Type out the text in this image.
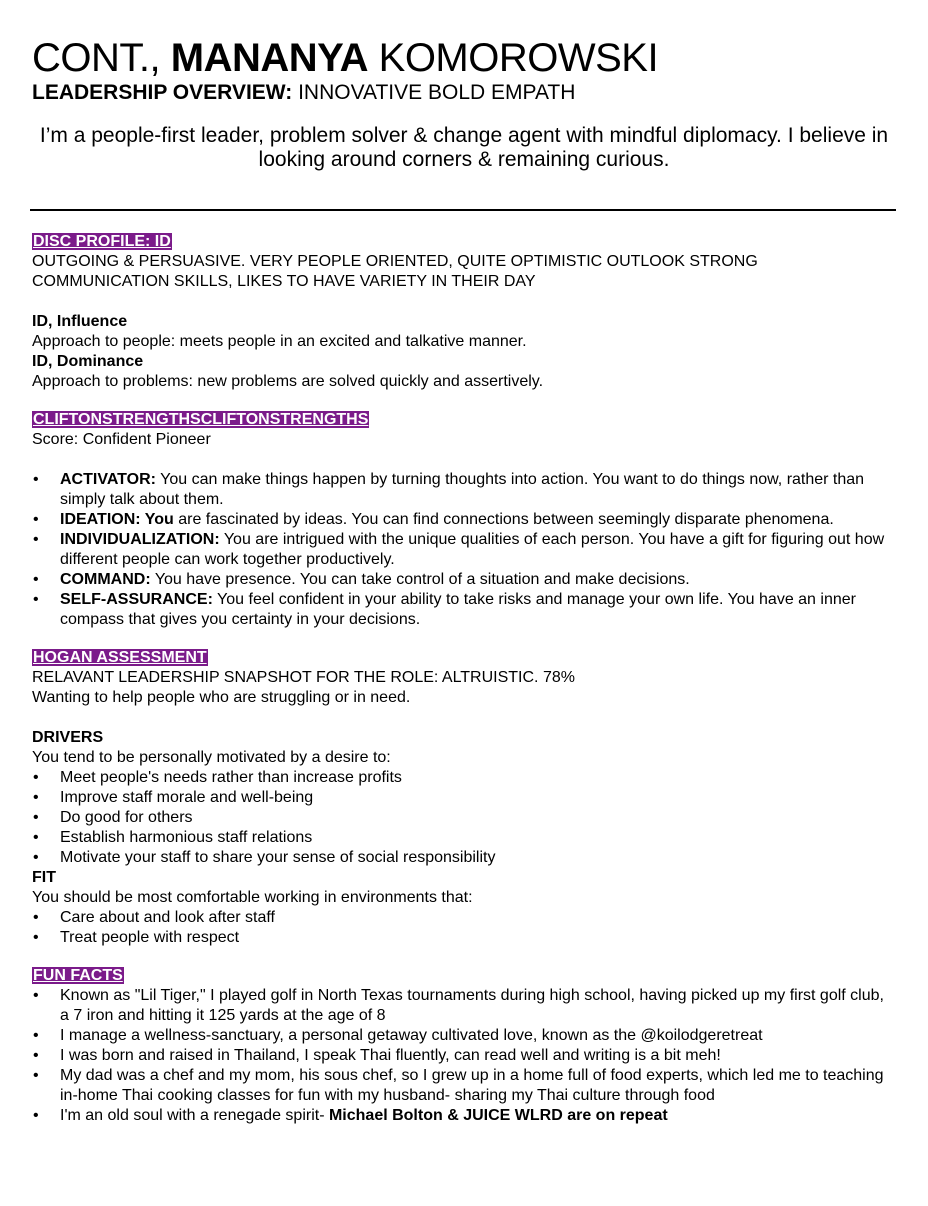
CONT., MANANYA KOMOROWSKI
LEADERSHIP OVERVIEW: INNOVATIVE BOLD EMPATH
I’m a people-first leader, problem solver & change agent with mindful diplomacy. I believe in looking around corners & remaining curious.

DISC PROFILE: ID

OUTGOING & PERSUASIVE. VERY PEOPLE ORIENTED, QUITE OPTIMISTIC OUTLOOK STRONG COMMUNICATION SKILLS, LIKES TO HAVE VARIETY IN THEIR DAY

ID, Influence

Approach to people: meets people in an excited and talkative manner.

ID, Dominance

Approach to problems: new problems are solved quickly and assertively.

CLIFTONSTRENGTHSCLIFTONSTRENGTHS

Score: Confident Pioneer

• ACTIVATOR: You can make things happen by turning thoughts into action. You want to do things now, rather than simply talk about them.
• IDEATION: You are fascinated by ideas. You can find connections between seemingly disparate phenomena.
• INDIVIDUALIZATION: You are intrigued with the unique qualities of each person. You have a gift for figuring out how different people can work together productively.
• COMMAND: You have presence. You can take control of a situation and make decisions.
• SELF-ASSURANCE: You feel confident in your ability to take risks and manage your own life. You have an inner compass that gives you certainty in your decisions.

HOGAN ASSESSMENT

RELAVANT LEADERSHIP SNAPSHOT FOR THE ROLE: ALTRUISTIC. 78%

Wanting to help people who are struggling or in need.

DRIVERS

You tend to be personally motivated by a desire to:

• Meet people's needs rather than increase profits
• Improve staff morale and well-being
• Do good for others
• Establish harmonious staff relations
• Motivate your staff to share your sense of social responsibility

FIT

You should be most comfortable working in environments that:

• Care about and look after staff
• Treat people with respect

FUN FACTS

• Known as "Lil Tiger," I played golf in North Texas tournaments during high school, having picked up my first golf club, a 7 iron and hitting it 125 yards at the age of 8
• I manage a wellness-sanctuary, a personal getaway cultivated love, known as the @koilodgeretreat
• I was born and raised in Thailand, I speak Thai fluently, can read well and writing is a bit meh!
• My dad was a chef and my mom, his sous chef, so I grew up in a home full of food experts, which led me to teaching in-home Thai cooking classes for fun with my husband- sharing my Thai culture through food
• I'm an old soul with a renegade spirit- Michael Bolton & JUICE WLRD are on repeat
